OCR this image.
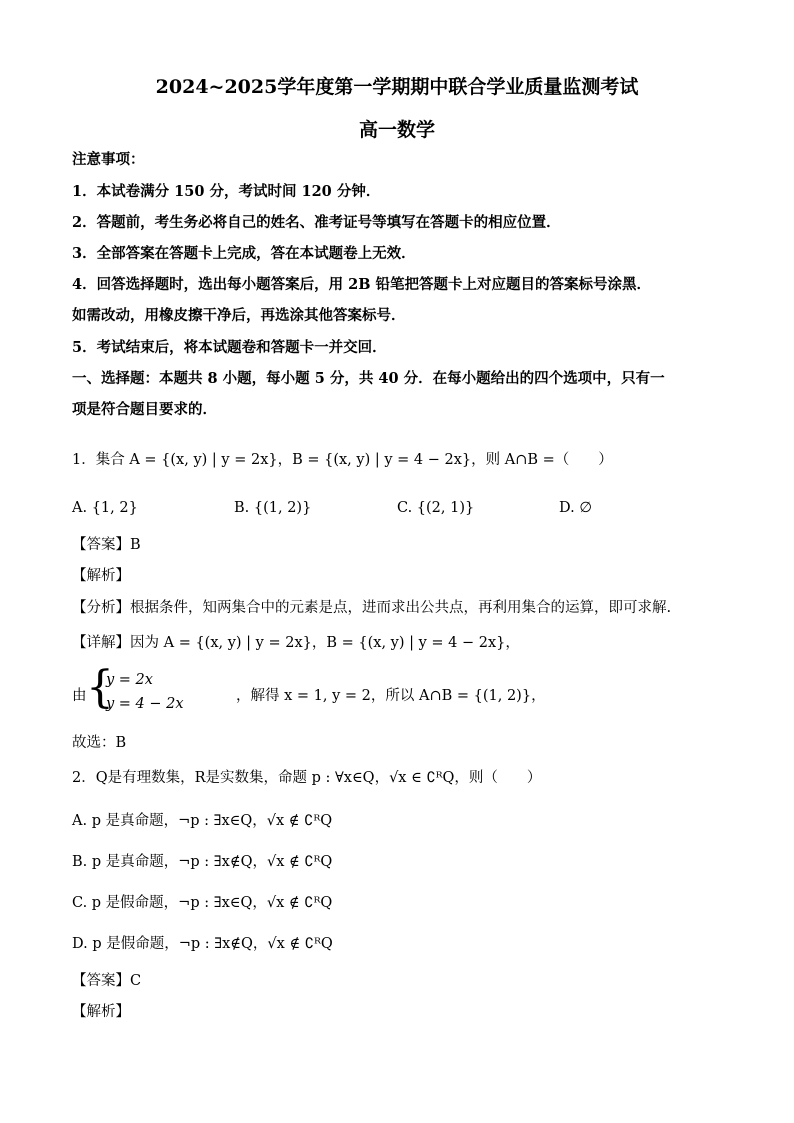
2024~2025学年度第一学期期中联合学业质量监测考试
高一数学
注意事项：
1．本试卷满分 150 分，考试时间 120 分钟．
2．答题前，考生务必将自己的姓名、准考证号等填写在答题卡的相应位置．
3．全部答案在答题卡上完成，答在本试题卷上无效．
4．回答选择题时，选出每小题答案后，用 2B 铅笔把答题卡上对应题目的答案标号涂黑．
如需改动，用橡皮擦干净后，再选涂其他答案标号．
5．考试结束后，将本试题卷和答题卡一并交回．
一、选择题：本题共 8 小题，每小题 5 分，共 40 分．在每小题给出的四个选项中，只有一
项是符合题目要求的．
1．集合 A = {(x, y) | y = 2x}，B = {(x, y) | y = 4 − 2x}，则 A∩B =（　　）
A. {1, 2}	B. {(1, 2)}	C. {(2, 1)}	D. ∅
【答案】B
【解析】
【分析】根据条件，知两集合中的元素是点，进而求出公共点，再利用集合的运算，即可求解.
【详解】因为 A = {(x, y) | y = 2x}，B = {(x, y) | y = 4 − 2x}，
由 {
y = 2x
y = 4 − 2x	，解得 x = 1, y = 2，所以 A∩B = {(1, 2)}，
故选：B
2．Q是有理数集，R是实数集，命题 p : ∀x∈Q，√x ∈ ∁ᴿQ，则（　　）
A. p 是真命题，¬p : ∃x∈Q，√x ∉ ∁ᴿQ
B. p 是真命题，¬p : ∃x∉Q，√x ∉ ∁ᴿQ
C. p 是假命题，¬p : ∃x∈Q，√x ∉ ∁ᴿQ
D. p 是假命题，¬p : ∃x∉Q，√x ∉ ∁ᴿQ
【答案】C
【解析】
